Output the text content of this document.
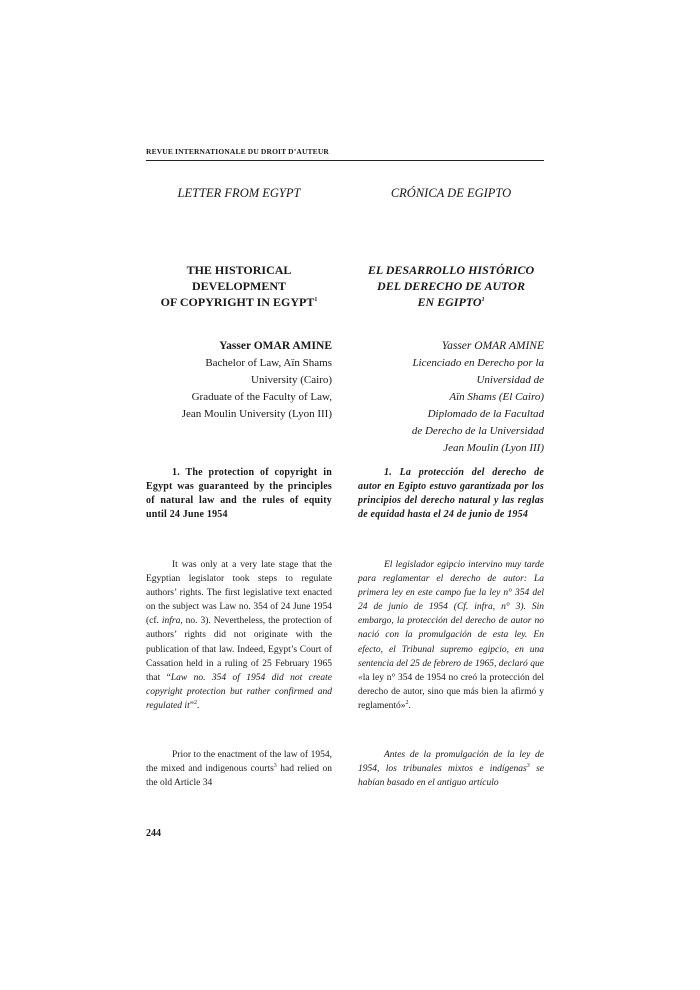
REVUE INTERNATIONALE DU DROIT D’AUTEUR
LETTER FROM EGYPT	CRÓNICA DE EGIPTO
THE HISTORICAL
DEVELOPMENT
OF COPYRIGHT IN EGYPT$^1$
EL DESARROLLO HISTÓRICO
DEL DERECHO DE AUTOR
EN EGIPTO$^1$
Yasser OMAR AMINE
Bachelor of Law, Aïn Shams
University (Cairo)
Graduate of the Faculty of Law,
Jean Moulin University (Lyon III)
Yasser OMAR AMINE
Licenciado en Derecho por la
Universidad de
Aïn Shams (El Cairo)
Diplomado de la Facultad
de Derecho de la Universidad
Jean Moulin (Lyon III)
1. The protection of copyright in Egypt was guaranteed by the principles of natural law and the rules of equity until 24 June 1954
1. La protección del derecho de autor en Egipto estuvo garantizada por los principios del derecho natural y las reglas de equidad hasta el 24 de junio de 1954
It was only at a very late stage that the Egyptian legislator took steps to regulate authors’ rights. The first legislative text enacted on the subject was Law no. 354 of 24 June 1954 (cf. infra, no. 3). Nevertheless, the protection of authors’ rights did not originate with the publication of that law. Indeed, Egypt’s Court of Cassation held in a ruling of 25 February 1965 that “Law no. 354 of 1954 did not create copyright protection but rather confirmed and regulated it”$^2$.
El legislador egipcio intervino muy tarde para reglamentar el derecho de autor: La primera ley en este campo fue la ley n° 354 del 24 de junio de 1954 (Cf. infra, n° 3). Sin embargo, la protección del derecho de autor no nació con la promulgación de esta ley. En efecto, el Tribunal supremo egipcio, en una sentencia del 25 de febrero de 1965, declaró que «la ley n° 354 de 1954 no creó la protección del derecho de autor, sino que más bien la afirmó y reglamentó»$^2$.
Prior to the enactment of the law of 1954, the mixed and indigenous courts$^3$ had relied on the old Article 34
Antes de la promulgación de la ley de 1954, los tribunales mixtos e indígenas$^3$ se habían basado en el antiguo artículo
244
